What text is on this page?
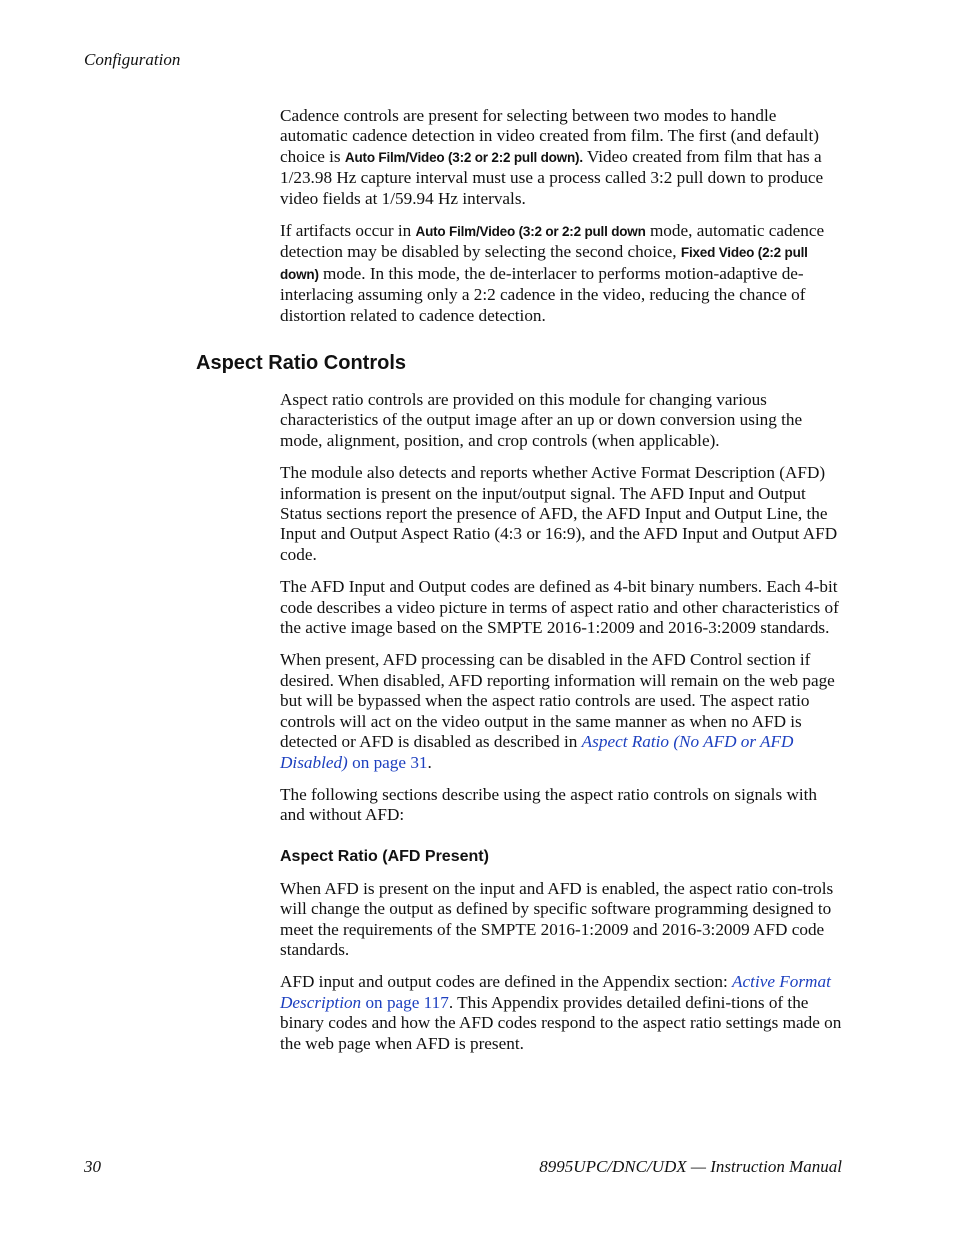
Configuration

Cadence controls are present for selecting between two modes to handle automatic cadence detection in video created from film. The first (and default) choice is Auto Film/Video (3:2 or 2:2 pull down). Video created from film that has a 1/23.98 Hz capture interval must use a process called 3:2 pull down to produce video fields at 1/59.94 Hz intervals.

If artifacts occur in Auto Film/Video (3:2 or 2:2 pull down mode, automatic cadence detection may be disabled by selecting the second choice, Fixed Video (2:2 pull down) mode. In this mode, the de-interlacer to performs motion-adaptive de-interlacing assuming only a 2:2 cadence in the video, reducing the chance of distortion related to cadence detection.

Aspect Ratio Controls

Aspect ratio controls are provided on this module for changing various characteristics of the output image after an up or down conversion using the mode, alignment, position, and crop controls (when applicable).

The module also detects and reports whether Active Format Description (AFD) information is present on the input/output signal. The AFD Input and Output Status sections report the presence of AFD, the AFD Input and Output Line, the Input and Output Aspect Ratio (4:3 or 16:9), and the AFD Input and Output AFD code.

The AFD Input and Output codes are defined as 4-bit binary numbers. Each 4-bit code describes a video picture in terms of aspect ratio and other characteristics of the active image based on the SMPTE 2016-1:2009 and 2016-3:2009 standards.

When present, AFD processing can be disabled in the AFD Control section if desired. When disabled, AFD reporting information will remain on the web page but will be bypassed when the aspect ratio controls are used. The aspect ratio controls will act on the video output in the same manner as when no AFD is detected or AFD is disabled as described in Aspect Ratio (No AFD or AFD Disabled) on page 31.

The following sections describe using the aspect ratio controls on signals with and without AFD:

Aspect Ratio (AFD Present)

When AFD is present on the input and AFD is enabled, the aspect ratio con-trols will change the output as defined by specific software programming designed to meet the requirements of the SMPTE 2016-1:2009 and 2016-3:2009 AFD code standards.

AFD input and output codes are defined in the Appendix section: Active Format Description on page 117. This Appendix provides detailed defini-tions of the binary codes and how the AFD codes respond to the aspect ratio settings made on the web page when AFD is present.

30	8995UPC/DNC/UDX — Instruction Manual
